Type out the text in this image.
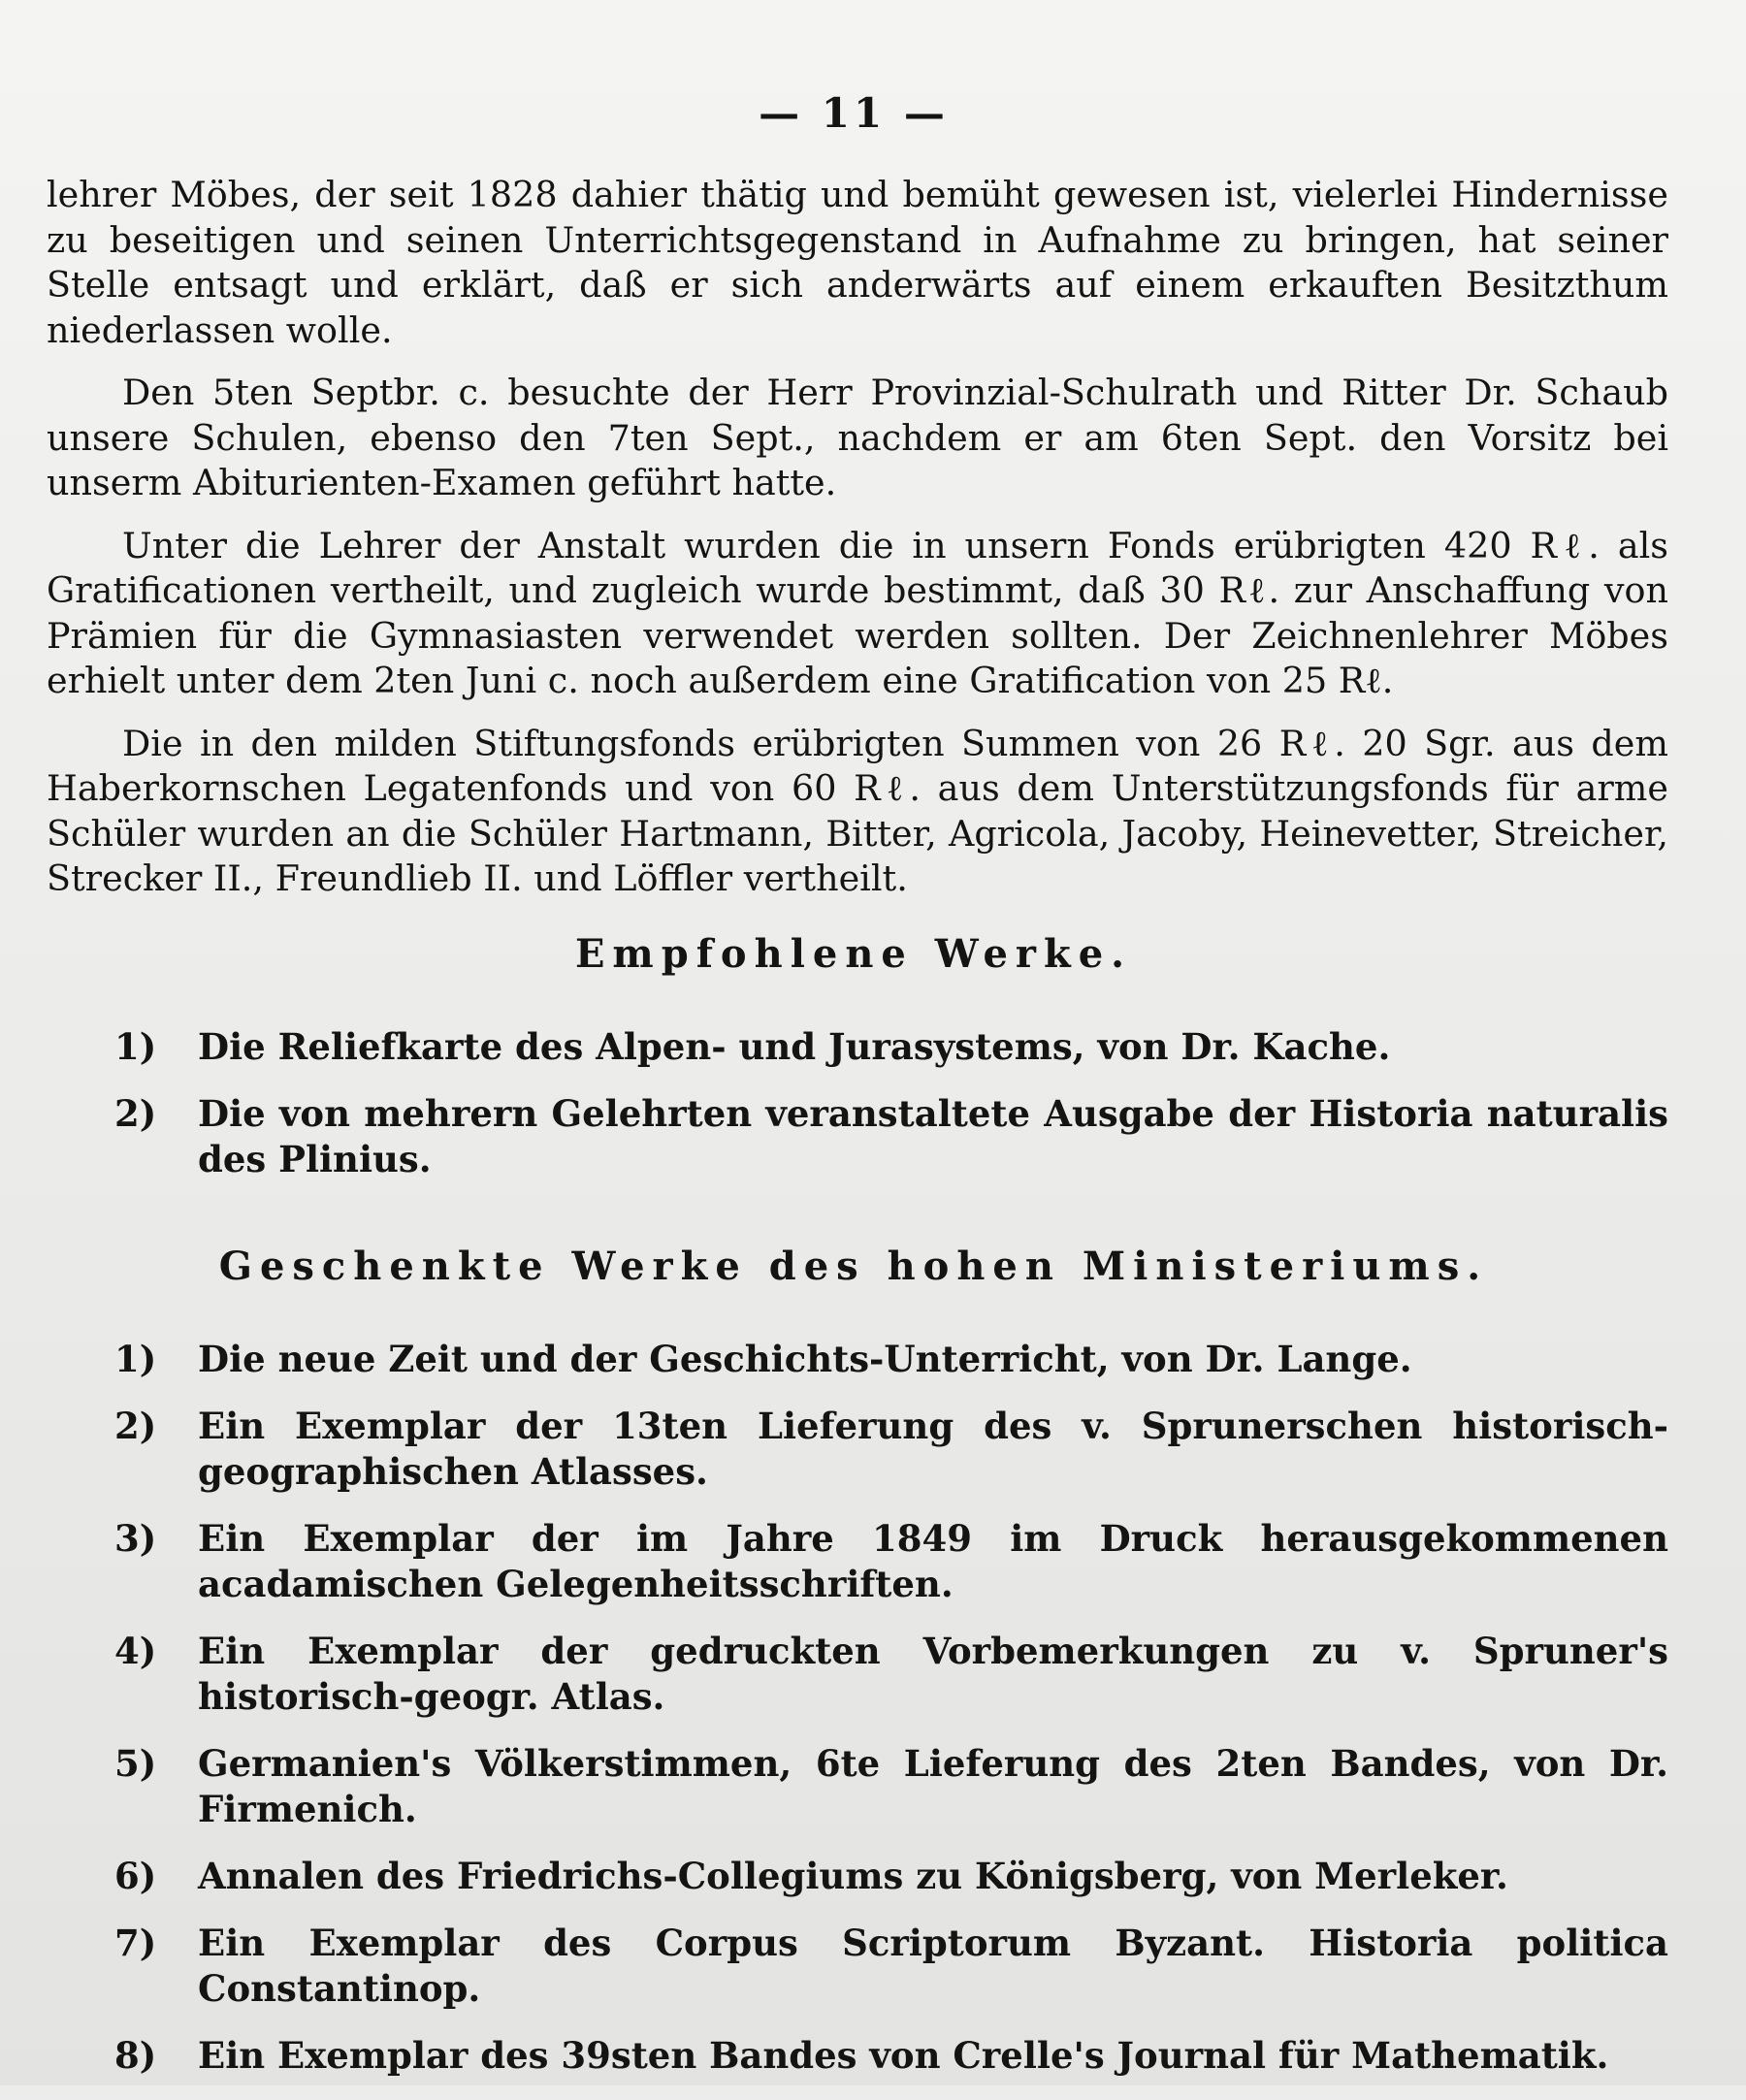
— 11 —

lehrer Möbes, der seit 1828 dahier thätig und bemüht gewesen ist, vielerlei Hindernisse zu beseitigen und seinen Unterrichtsgegenstand in Aufnahme zu bringen, hat seiner Stelle entsagt und erklärt, daß er sich anderwärts auf einem erkauften Besitzthum niederlassen wolle.

Den 5ten Septbr. c. besuchte der Herr Provinzial-Schulrath und Ritter Dr. Schaub unsere Schulen, ebenso den 7ten Sept., nachdem er am 6ten Sept. den Vorsitz bei unserm Abiturienten-Examen geführt hatte.

Unter die Lehrer der Anstalt wurden die in unsern Fonds erübrigten 420 Rℓ. als Gratificationen vertheilt, und zugleich wurde bestimmt, daß 30 Rℓ. zur Anschaffung von Prämien für die Gymnasiasten verwendet werden sollten. Der Zeichnenlehrer Möbes erhielt unter dem 2ten Juni c. noch außerdem eine Gratification von 25 Rℓ.

Die in den milden Stiftungsfonds erübrigten Summen von 26 Rℓ. 20 Sgr. aus dem Haberkornschen Legatenfonds und von 60 Rℓ. aus dem Unterstützungsfonds für arme Schüler wurden an die Schüler Hartmann, Bitter, Agricola, Jacoby, Heinevetter, Streicher, Strecker II., Freundlieb II. und Löffler vertheilt.

Empfohlene Werke.
1)	Die Reliefkarte des Alpen- und Jurasystems, von Dr. Kache.
2)	Die von mehrern Gelehrten veranstaltete Ausgabe der Historia naturalis des Plinius.
Geschenkte Werke des hohen Ministeriums.
1)	Die neue Zeit und der Geschichts-Unterricht, von Dr. Lange.
2)	Ein Exemplar der 13ten Lieferung des v. Sprunerschen historisch-geographischen Atlasses.
3)	Ein Exemplar der im Jahre 1849 im Druck herausgekommenen acadamischen Gelegenheitsschriften.
4)	Ein Exemplar der gedruckten Vorbemerkungen zu v. Spruner's historisch-geogr. Atlas.
5)	Germanien's Völkerstimmen, 6te Lieferung des 2ten Bandes, von Dr. Firmenich.
6)	Annalen des Friedrichs-Collegiums zu Königsberg, von Merleker.
7)	Ein Exemplar des Corpus Scriptorum Byzant. Historia politica Constantinop.
8)	Ein Exemplar des 39sten Bandes von Crelle's Journal für Mathematik.
